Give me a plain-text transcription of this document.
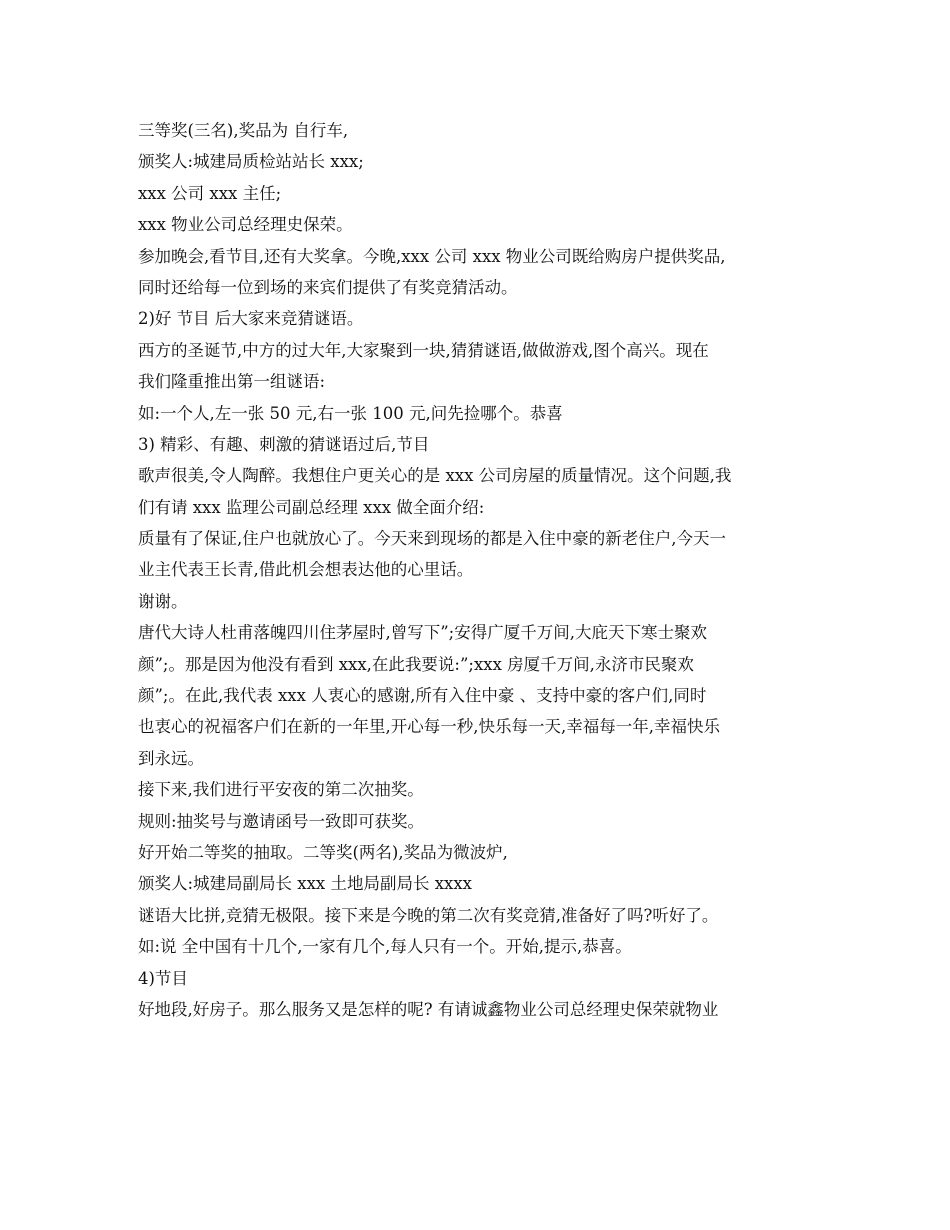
三等奖(三名),奖品为 自行车,
颁奖人:城建局质检站站长 xxx;
xxx 公司 xxx 主任;
xxx 物业公司总经理史保荣。
参加晚会,看节目,还有大奖拿。今晚,xxx 公司 xxx 物业公司既给购房户提供奖品,
同时还给每一位到场的来宾们提供了有奖竞猜活动。
2)好 节目 后大家来竞猜谜语。
西方的圣诞节,中方的过大年,大家聚到一块,猜猜谜语,做做游戏,图个高兴。现在
我们隆重推出第一组谜语:
如:一个人,左一张 50 元,右一张 100 元,问先捡哪个。恭喜
3) 精彩、有趣、刺激的猜谜语过后,节目
歌声很美,令人陶醉。我想住户更关心的是 xxx 公司房屋的质量情况。这个问题,我
们有请 xxx 监理公司副总经理 xxx 做全面介绍:
质量有了保证,住户也就放心了。今天来到现场的都是入住中豪的新老住户,今天一
业主代表王长青,借此机会想表达他的心里话。
谢谢。
唐代大诗人杜甫落魄四川住茅屋时,曾写下”;安得广厦千万间,大庇天下寒士聚欢
颜”;。那是因为他没有看到 xxx,在此我要说:”;xxx 房厦千万间,永济市民聚欢
颜”;。在此,我代表 xxx 人衷心的感谢,所有入住中豪 、支持中豪的客户们,同时
也衷心的祝福客户们在新的一年里,开心每一秒,快乐每一天,幸福每一年,幸福快乐
到永远。
接下来,我们进行平安夜的第二次抽奖。
规则:抽奖号与邀请函号一致即可获奖。
好开始二等奖的抽取。二等奖(两名),奖品为微波炉,
颁奖人:城建局副局长 xxx 土地局副局长 xxxx
谜语大比拼,竞猜无极限。接下来是今晚的第二次有奖竞猜,准备好了吗?听好了。
如:说 全中国有十几个,一家有几个,每人只有一个。开始,提示,恭喜。
4)节目
好地段,好房子。那么服务又是怎样的呢? 有请诚鑫物业公司总经理史保荣就物业
